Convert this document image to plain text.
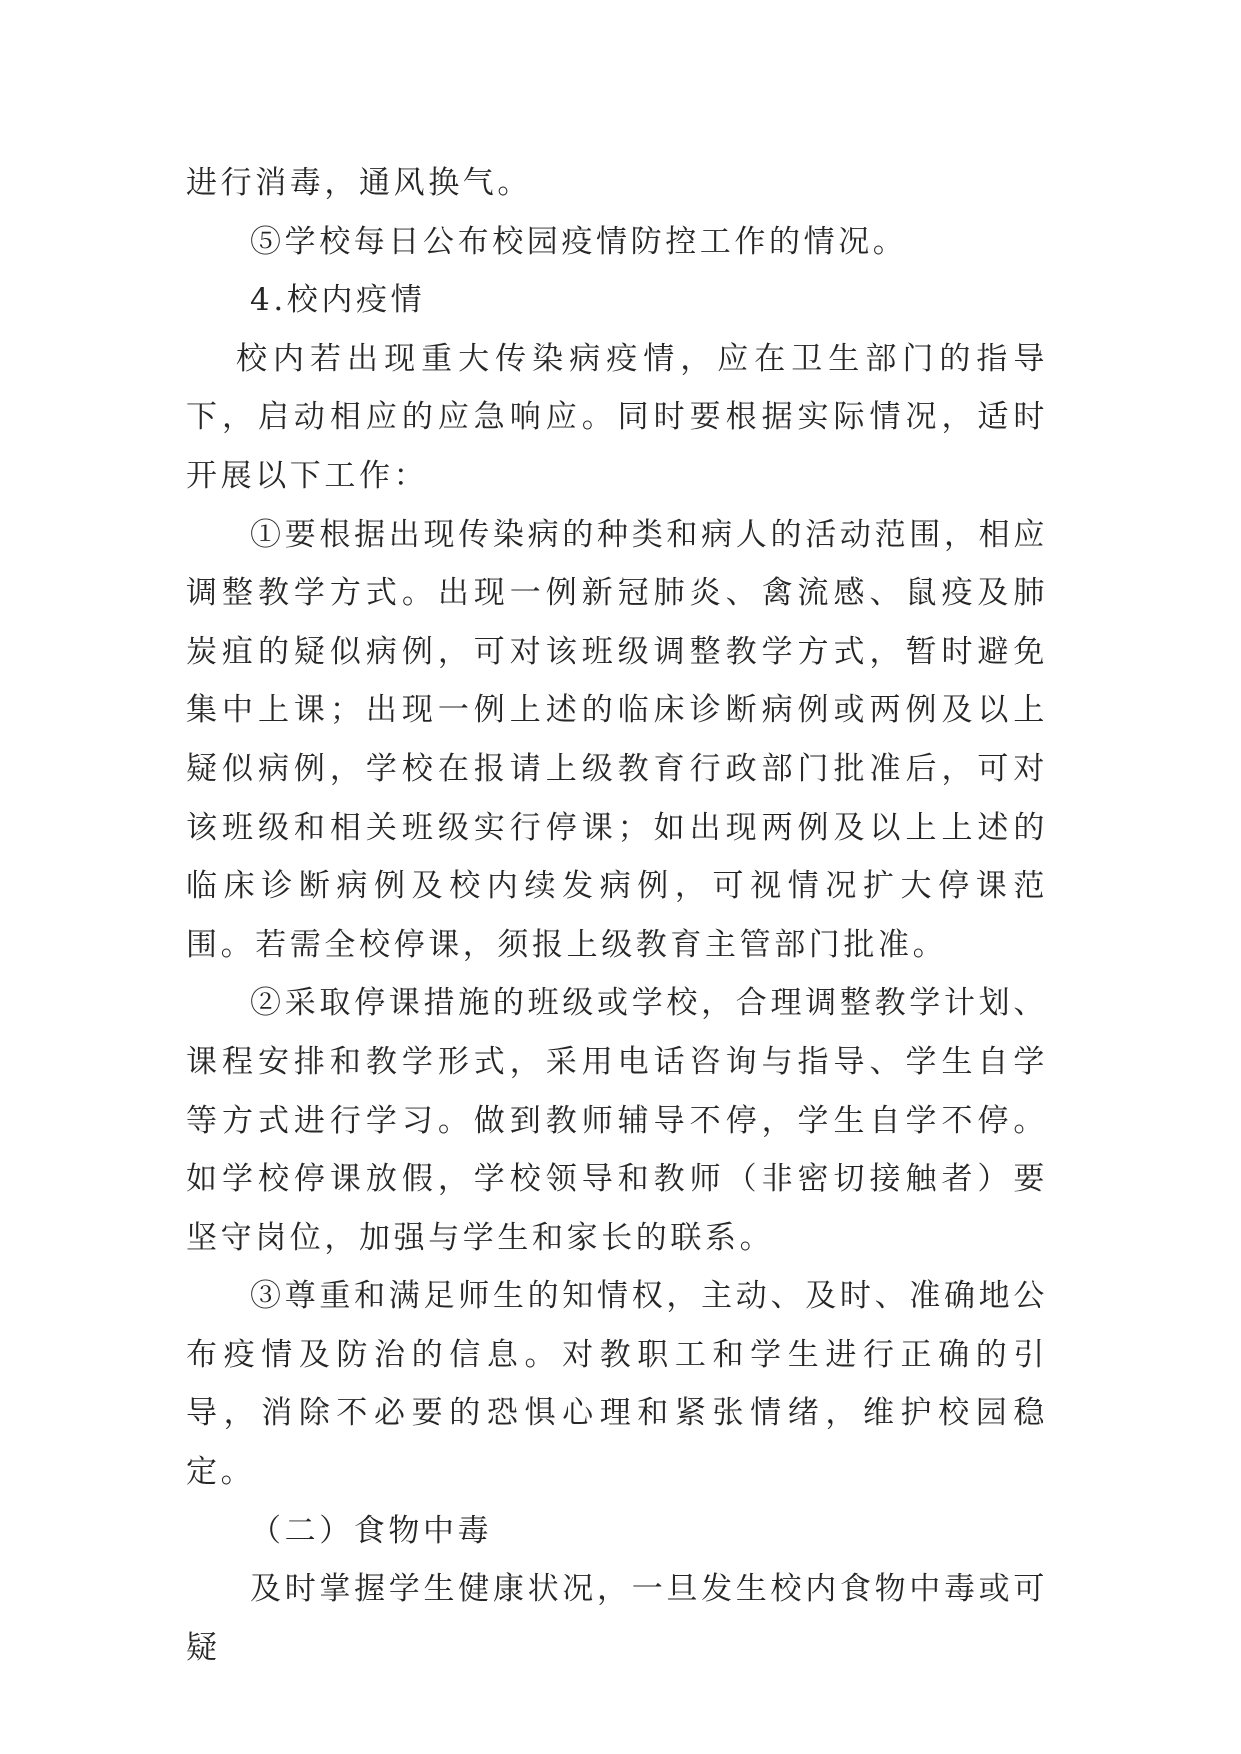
进行消毒，通风换气。

⑤学校每日公布校园疫情防控工作的情况。

4.校内疫情

校内若出现重大传染病疫情，应在卫生部门的指导下，启动相应的应急响应。同时要根据实际情况，适时开展以下工作：

①要根据出现传染病的种类和病人的活动范围，相应调整教学方式。出现一例新冠肺炎、禽流感、鼠疫及肺炭疽的疑似病例，可对该班级调整教学方式，暂时避免集中上课；出现一例上述的临床诊断病例或两例及以上疑似病例，学校在报请上级教育行政部门批准后，可对该班级和相关班级实行停课；如出现两例及以上上述的临床诊断病例及校内续发病例，可视情况扩大停课范围。若需全校停课，须报上级教育主管部门批准。

②采取停课措施的班级或学校，合理调整教学计划、课程安排和教学形式，采用电话咨询与指导、学生自学等方式进行学习。做到教师辅导不停，学生自学不停。如学校停课放假，学校领导和教师（非密切接触者）要坚守岗位，加强与学生和家长的联系。

③尊重和满足师生的知情权，主动、及时、准确地公布疫情及防治的信息。对教职工和学生进行正确的引导，消除不必要的恐惧心理和紧张情绪，维护校园稳定。

（二）食物中毒

及时掌握学生健康状况，一旦发生校内食物中毒或可疑
